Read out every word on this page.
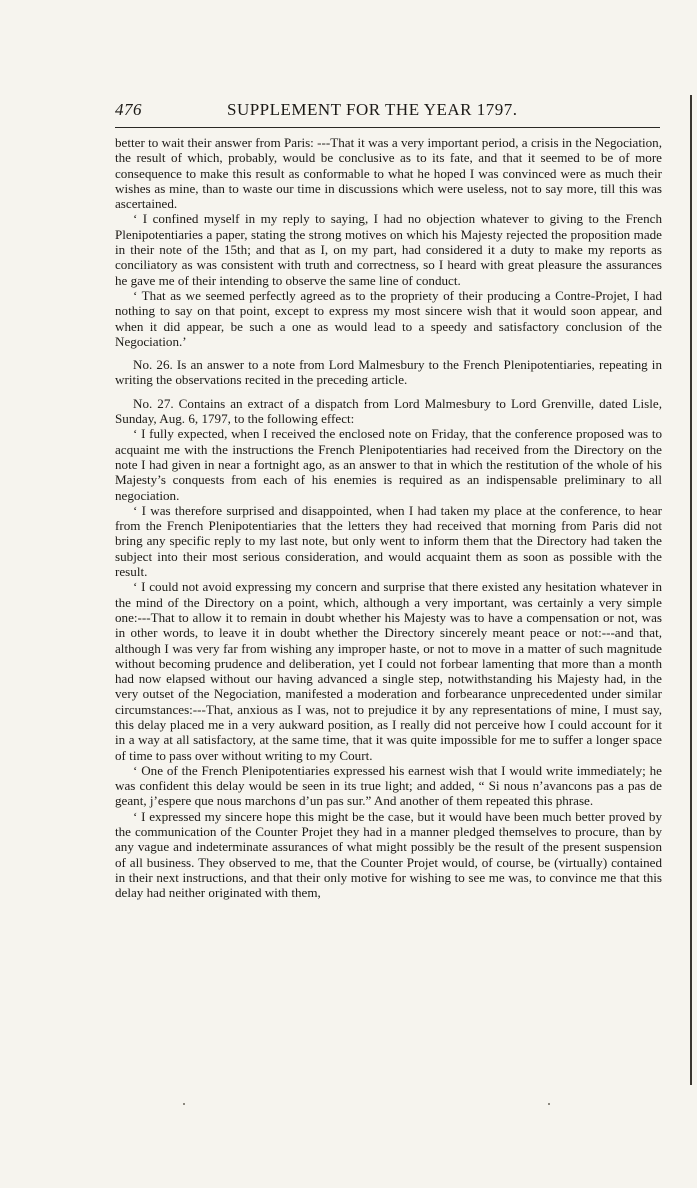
476	SUPPLEMENT FOR THE YEAR 1797.

better to wait their answer from Paris: ---That it was a very important period, a crisis in the Negociation, the result of which, probably, would be conclusive as to its fate, and that it seemed to be of more consequence to make this result as conformable to what he hoped I was convinced were as much their wishes as mine, than to waste our time in discussions which were useless, not to say more, till this was ascertained.

‘ I confined myself in my reply to saying, I had no objection whatever to giving to the French Plenipotentiaries a paper, stating the strong motives on which his Majesty rejected the proposition made in their note of the 15th; and that as I, on my part, had considered it a duty to make my reports as conciliatory as was consistent with truth and correctness, so I heard with great pleasure the assurances he gave me of their intending to observe the same line of conduct.

‘ That as we seemed perfectly agreed as to the propriety of their producing a Contre-Projet, I had nothing to say on that point, except to express my most sincere wish that it would soon appear, and when it did appear, be such a one as would lead to a speedy and satisfactory conclusion of the Negociation.’

No. 26. Is an answer to a note from Lord Malmesbury to the French Plenipotentiaries, repeating in writing the observations recited in the preceding article.

No. 27. Contains an extract of a dispatch from Lord Malmesbury to Lord Grenville, dated Lisle, Sunday, Aug. 6, 1797, to the following effect:

‘ I fully expected, when I received the enclosed note on Friday, that the conference proposed was to acquaint me with the instructions the French Plenipotentiaries had received from the Directory on the note I had given in near a fortnight ago, as an answer to that in which the restitution of the whole of his Majesty’s conquests from each of his enemies is required as an indispensable preliminary to all negociation.

‘ I was therefore surprised and disappointed, when I had taken my place at the conference, to hear from the French Plenipotentiaries that the letters they had received that morning from Paris did not bring any specific reply to my last note, but only went to inform them that the Directory had taken the subject into their most serious consideration, and would acquaint them as soon as possible with the result.

‘ I could not avoid expressing my concern and surprise that there existed any hesitation whatever in the mind of the Directory on a point, which, although a very important, was certainly a very simple one:---That to allow it to remain in doubt whether his Majesty was to have a compensation or not, was in other words, to leave it in doubt whether the Directory sincerely meant peace or not:---and that, although I was very far from wishing any improper haste, or not to move in a matter of such magnitude without becoming prudence and deliberation, yet I could not forbear lamenting that more than a month had now elapsed without our having advanced a single step, notwithstanding his Majesty had, in the very outset of the Negociation, manifested a moderation and forbearance unprecedented under similar circumstances:---That, anxious as I was, not to prejudice it by any representations of mine, I must say, this delay placed me in a very aukward position, as I really did not perceive how I could account for it in a way at all satisfactory, at the same time, that it was quite impossible for me to suffer a longer space of time to pass over without writing to my Court.

‘ One of the French Plenipotentiaries expressed his earnest wish that I would write immediately; he was confident this delay would be seen in its true light; and added, “ Si nous n’avancons pas a pas de geant, j’espere que nous marchons d’un pas sur.” And another of them repeated this phrase.

‘ I expressed my sincere hope this might be the case, but it would have been much better proved by the communication of the Counter Projet they had in a manner pledged themselves to procure, than by any vague and indeterminate assurances of what might possibly be the result of the present suspension of all business. They observed to me, that the Counter Projet would, of course, be (virtually) contained in their next instructions, and that their only motive for wishing to see me was, to convince me that this delay had neither originated with them,
